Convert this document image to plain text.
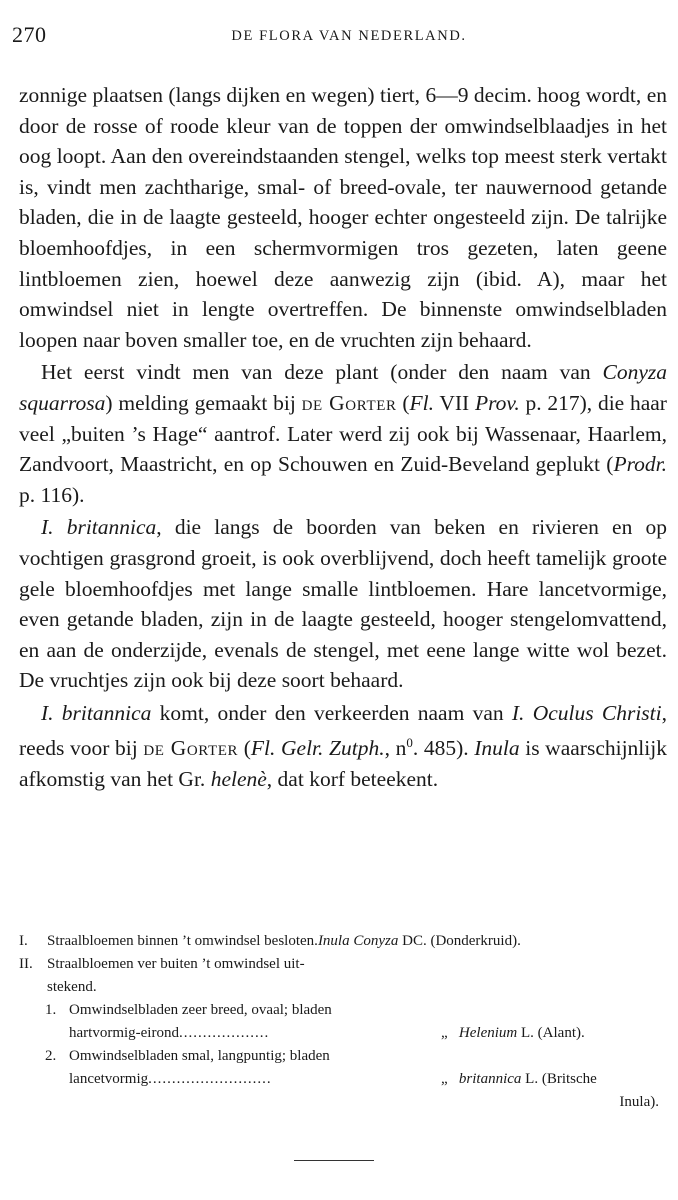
270	DE FLORA VAN NEDERLAND.

zonnige plaatsen (langs dijken en wegen) tiert, 6—9 decim. hoog wordt, en door de rosse of roode kleur van de toppen der omwindselblaadjes in het oog loopt. Aan den overeindstaanden stengel, welks top meest sterk vertakt is, vindt men zachtharige, smal- of breed-ovale, ter nauwernood getande bladen, die in de laagte gesteeld, hooger echter ongesteeld zijn. De talrijke bloemhoofdjes, in een schermvormigen tros gezeten, laten geene lintbloemen zien, hoewel deze aanwezig zijn (ibid. A), maar het omwindsel niet in lengte overtreffen. De binnenste omwindselbladen loopen naar boven smaller toe, en de vruchten zijn behaard.

Het eerst vindt men van deze plant (onder den naam van Conyza squarrosa) melding gemaakt bij de Gorter (Fl. VII Prov. p. 217), die haar veel „buiten ’s Hage“ aantrof. Later werd zij ook bij Wassenaar, Haarlem, Zandvoort, Maastricht, en op Schouwen en Zuid-Beveland geplukt (Prodr. p. 116).

I. britannica, die langs de boorden van beken en rivieren en op vochtigen grasgrond groeit, is ook overblijvend, doch heeft tamelijk groote gele bloemhoofdjes met lange smalle lintbloemen. Hare lancetvormige, even getande bladen, zijn in de laagte gesteeld, hooger stengelomvattend, en aan de onderzijde, evenals de stengel, met eene lange witte wol bezet. De vruchtjes zijn ook bij deze soort behaard.

I. britannica komt, onder den verkeerden naam van I. Oculus Christi, reeds voor bij de Gorter (Fl. Gelr. Zutph., $n^0$. 485). Inula is waarschijnlijk afkomstig van het Gr. helenè, dat korf beteekent.

I. Straalbloemen binnen ’t omwindsel besloten.Inula Conyza DC. (Donderkruid).
II. Straalbloemen ver buiten ’t omwindsel uit-
stekend.
1. Omwindselbladen zeer breed, ovaal; bladen
hartvormig-eirond...................	„ Helenium L. (Alant).
2. Omwindselbladen smal, langpuntig; bladen
lancetvormig..........................	„ britannica L. (Britsche
Inula).
